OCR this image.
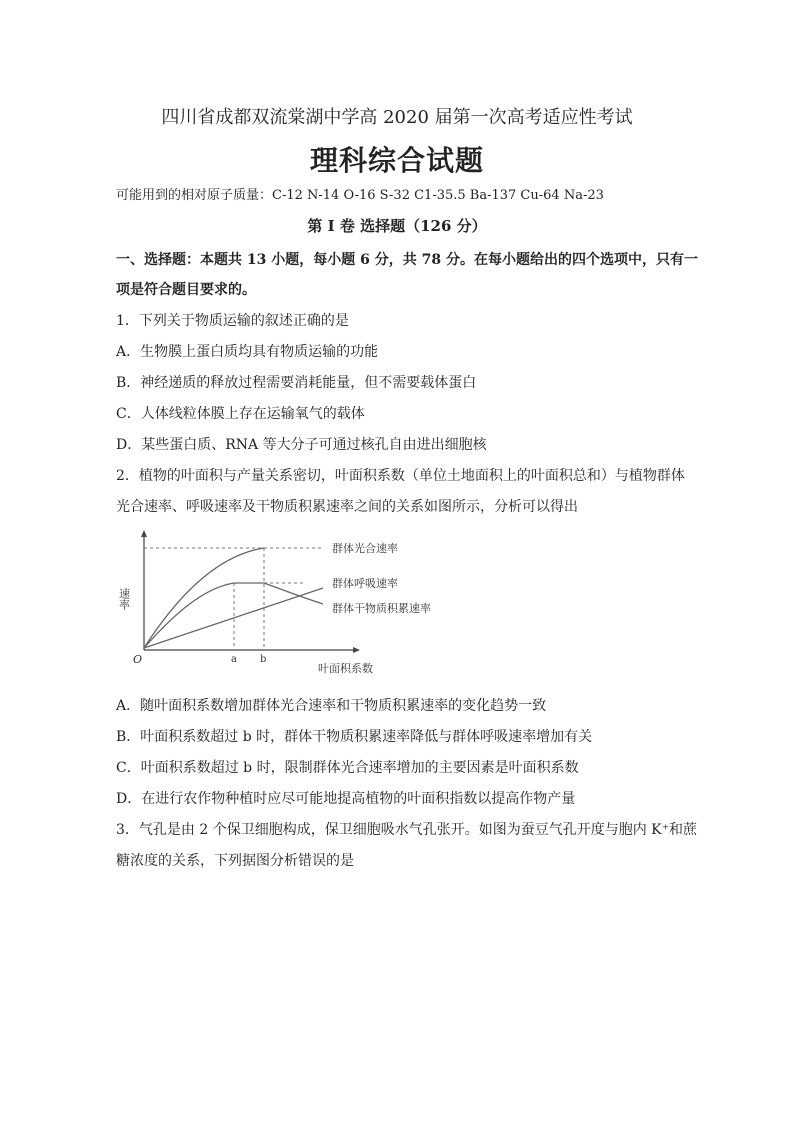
四川省成都双流棠湖中学高 2020 届第一次高考适应性考试
理科综合试题
可能用到的相对原子质量：C-12 N-14 O-16 S-32 C1-35.5 Ba-137 Cu-64 Na-23
第 I 卷 选择题（126 分）
一、选择题：本题共 13 小题，每小题 6 分，共 78 分。在每小题给出的四个选项中，只有一
项是符合题目要求的。
1．下列关于物质运输的叙述正确的是
A．生物膜上蛋白质均具有物质运输的功能
B．神经递质的释放过程需要消耗能量，但不需要载体蛋白
C．人体线粒体膜上存在运输氧气的载体
D．某些蛋白质、RNA 等大分子可通过核孔自由进出细胞核
2．植物的叶面积与产量关系密切，叶面积系数（单位土地面积上的叶面积总和）与植物群体
光合速率、呼吸速率及干物质积累速率之间的关系如图所示，分析可以得出
速率
O	a b
叶面积系数
群体光合速率
群体呼吸速率
群体干物质积累速率
A．随叶面积系数增加群体光合速率和干物质积累速率的变化趋势一致
B．叶面积系数超过 b 时，群体干物质积累速率降低与群体呼吸速率增加有关
C．叶面积系数超过 b 时，限制群体光合速率增加的主要因素是叶面积系数
D．在进行农作物种植时应尽可能地提高植物的叶面积指数以提高作物产量
3．气孔是由 2 个保卫细胞构成，保卫细胞吸水气孔张开。如图为蚕豆气孔开度与胞内 K⁺和蔗
糖浓度的关系，下列据图分析错误的是
